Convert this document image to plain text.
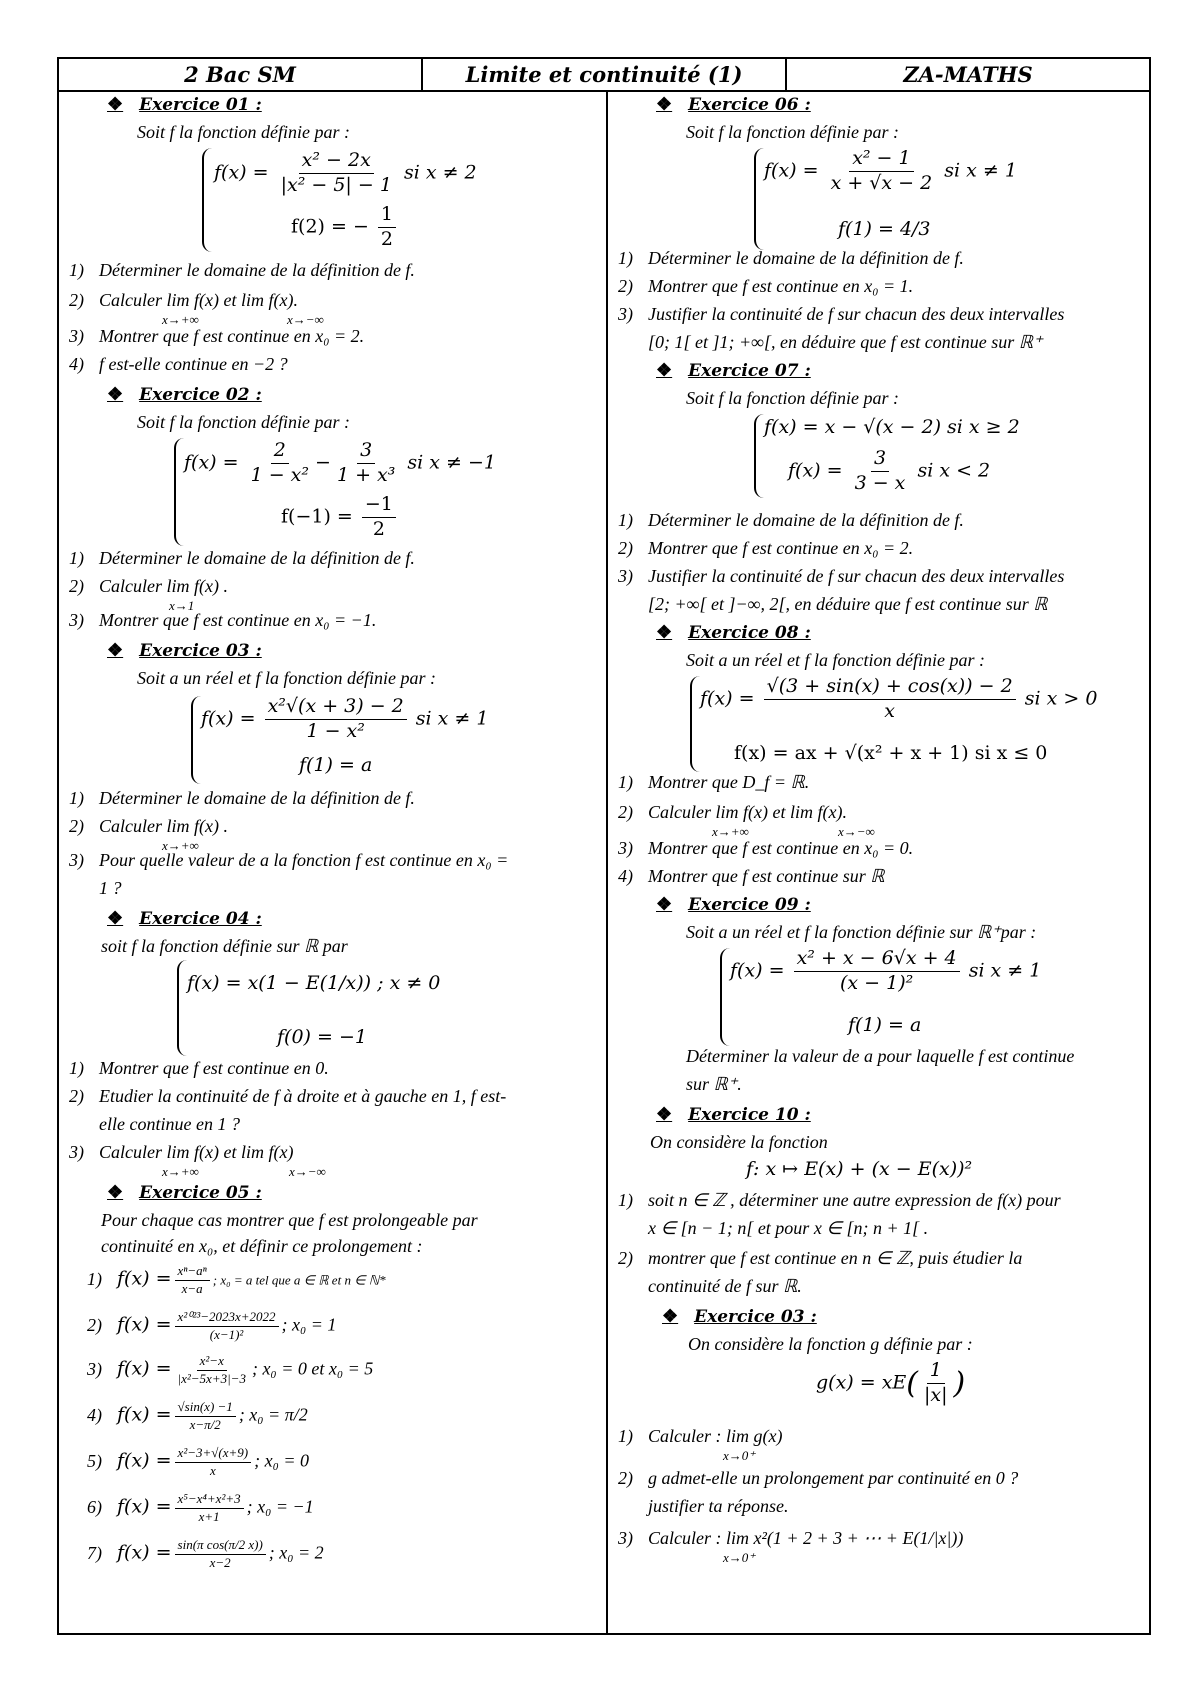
2 Bac SM	Limite et continuité (1)	ZA-MATHS
❖ Exercice 01 :
Soit f la fonction définie par :
$f(x) = \frac{\text{x² − 2x}}{\text{|x² − 5| − 1}}$ si x ≠ 2
f(2) = − $\frac{1}{2}$
1) Déterminer le domaine de la définition de f.
2) Calculer lim f(x) et lim f(x).
x→+∞	x→−∞
3) Montrer que f est continue en x₀ = 2.
4) f est-elle continue en −2 ?
❖ Exercice 02 :
Soit f la fonction définie par :
$f(x) = \frac{2}{\text{1 − x²}} - \frac{3}{\text{1 + x³}}$ si x ≠ −1
$f(-1) = \frac{-1}{2}$
1) Déterminer le domaine de la définition de f.
2) Calculer lim f(x) .
x→1
3) Montrer que f est continue en x₀ = −1.
❖ Exercice 03 :
Soit a un réel et f la fonction définie par :
$f(x) = \frac{\text{x²√(x + 3) − 2}}{\text{1 − x²}}$ si x ≠ 1
f(1) = a
1) Déterminer le domaine de la définition de f.
2) Calculer lim f(x) .
x→+∞
3) Pour quelle valeur de a la fonction f est continue en x₀ =
1 ?
❖ Exercice 04 :
soit f la fonction définie sur ℝ par
f(x) = x(1 − E(1/x)) ; x ≠ 0
f(0) = −1
1) Montrer que f est continue en 0.
2) Etudier la continuité de f à droite et à gauche en 1, f est-
elle continue en 1 ?
3) Calculer lim f(x) et lim f(x)
x→+∞	x→−∞
❖ Exercice 05 :
Pour chaque cas montrer que f est prolongeable par
continuité en x₀, et définir ce prolongement :
1) $f(x) = \frac{\text{xⁿ−aⁿ}}{x-a}$ ; x₀ = a tel que a ∈ ℝ et n ∈ ℕ*
2) $f(x) = \frac{\text{x²⁰²³−2023x+2022}}{\text{(x−1)²}}$ ; x₀ = 1
3) $f(x) = \frac{\text{x²−x}}{\text{|x²−5x+3|−3}}$ ; x₀ = 0 et x₀ = 5
4) $f(x) = \frac{√\sin(x) -1}{x-\pi/2}$ ; x₀ = π/2
5) $f(x) = \frac{\text{x²−3+√(x+9)}}{x}$ ; x₀ = 0
6) $f(x) = \frac{\text{x⁵−x⁴+x²+3}}{x+1}$ ; x₀ = −1
7) $f(x) = \frac{\text{sin(π cos(π/2 x))}}{x-2}$ ; x₀ = 2
❖ Exercice 06 :
Soit f la fonction définie par :
$f(x) = \frac{\text{x² − 1}}{x + √x - 2}$ si x ≠ 1
f(1) = 4/3
1) Déterminer le domaine de la définition de f.
2) Montrer que f est continue en x₀ = 1.
3) Justifier la continuité de f sur chacun des deux intervalles
[0; 1[ et ]1; +∞[, en déduire que f est continue sur ℝ⁺
❖ Exercice 07 :
Soit f la fonction définie par :
f(x) = x − √(x − 2) si x ≥ 2
$f(x) = \frac{3}{3 - x}$ si x < 2
1) Déterminer le domaine de la définition de f.
2) Montrer que f est continue en x₀ = 2.
3) Justifier la continuité de f sur chacun des deux intervalles
[2; +∞[ et ]−∞, 2[, en déduire que f est continue sur ℝ
❖ Exercice 08 :
Soit a un réel et f la fonction définie par :
$f(x) = \frac{√(3 + \sin(x) + \cos(x)) - 2}{x}$ si x > 0
f(x) = ax + √(x² + x + 1) si x ≤ 0
1) Montrer que D_f = ℝ.
2) Calculer lim f(x) et lim f(x).
x→+∞	x→−∞
3) Montrer que f est continue en x₀ = 0.
4) Montrer que f est continue sur ℝ
❖ Exercice 09 :
Soit a un réel et f la fonction définie sur ℝ⁺par :
$f(x) = \frac{\text{x² + x − 6√x + 4}}{\text{(x − 1)²}}$ si x ≠ 1
f(1) = a
Déterminer la valeur de a pour laquelle f est continue
sur ℝ⁺.
❖ Exercice 10 :
On considère la fonction
f: x ↦ E(x) + (x − E(x))²
1) soit n ∈ ℤ , déterminer une autre expression de f(x) pour
x ∈ [n − 1; n[ et pour x ∈ [n; n + 1[ .
2) montrer que f est continue en n ∈ ℤ, puis étudier la
continuité de f sur ℝ.
❖ Exercice 03 :
On considère la fonction g définie par :
$g(x) = xE( \frac{1}{|x|}$ )
1) Calculer : lim g(x)
x→0⁺
2) g admet-elle un prolongement par continuité en 0 ?
justifier ta réponse.
3) Calculer : lim x²(1 + 2 + 3 + ⋯ + E(1/|x|))
x→0⁺
